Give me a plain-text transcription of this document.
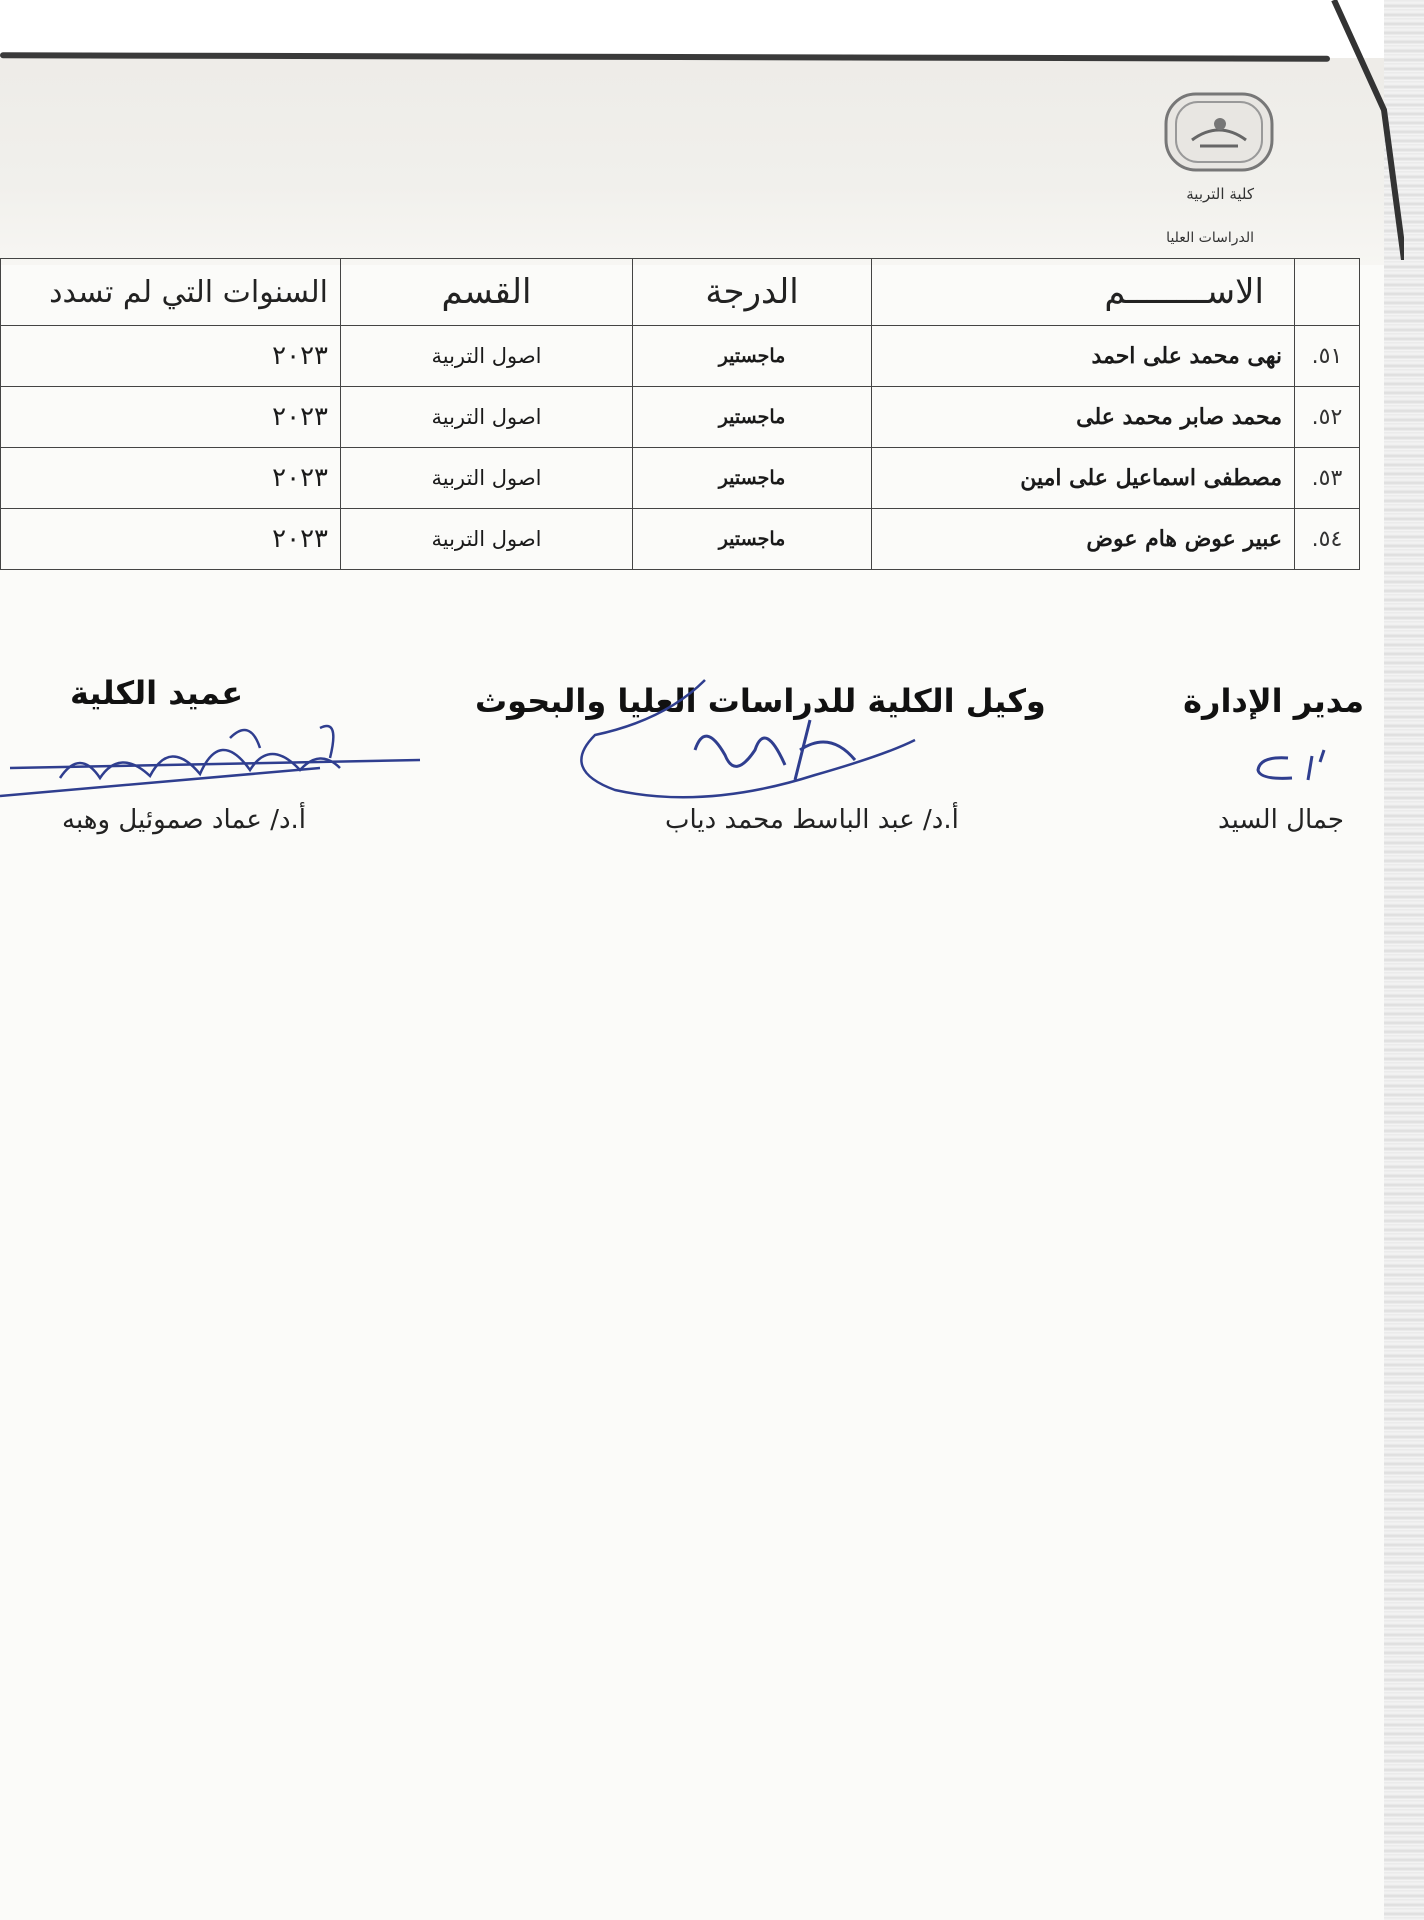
كلية التربية
الدراسات العليا
	الاســــــــم	الدرجة	القسم	السنوات التي لم تسدد
٥١.	نهى محمد على احمد	ماجستير	اصول التربية	٢٠٢٣
٥٢.	محمد صابر محمد على	ماجستير	اصول التربية	٢٠٢٣
٥٣.	مصطفى اسماعيل على امين	ماجستير	اصول التربية	٢٠٢٣
٥٤.	عبير عوض هام عوض	ماجستير	اصول التربية	٢٠٢٣
مدير الإدارة
جمال السيد
وكيل الكلية للدراسات العليا والبحوث
أ.د/ عبد الباسط محمد دياب
عميد الكلية
أ.د/ عماد صموئيل وهبه
